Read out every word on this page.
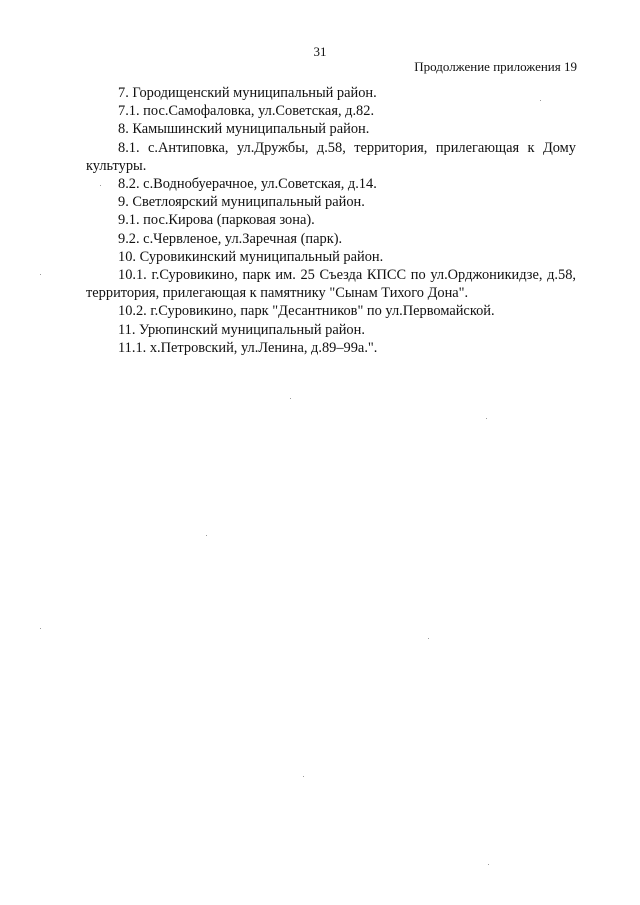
31
Продолжение приложения 19

7. Городищенский муниципальный район.

7.1. пос.Самофаловка, ул.Советская, д.82.

8. Камышинский муниципальный район.

8.1. с.Антиповка, ул.Дружбы, д.58, территория, прилегающая к Дому культуры.

8.2. с.Воднобуерачное, ул.Советская, д.14.

9. Светлоярский муниципальный район.

9.1. пос.Кирова (парковая зона).

9.2. с.Червленое, ул.Заречная (парк).

10. Суровикинский муниципальный район.

10.1. г.Суровикино, парк им. 25 Съезда КПСС по ул.Орджоникидзе, д.58, территория, прилегающая к памятнику "Сынам Тихого Дона".

10.2. г.Суровикино, парк "Десантников" по ул.Первомайской.

11. Урюпинский муниципальный район.

11.1. х.Петровский, ул.Ленина, д.89–99а.".
